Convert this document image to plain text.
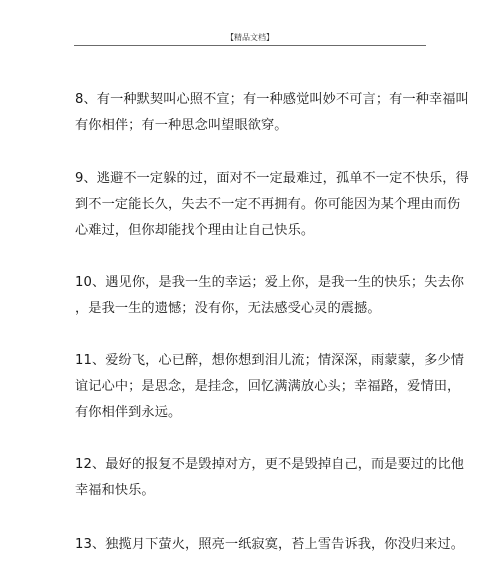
【精品文档】

8、有一种默契叫心照不宣；有一种感觉叫妙不可言；有一种幸福叫
有你相伴；有一种思念叫望眼欲穿。

9、逃避不一定躲的过，面对不一定最难过，孤单不一定不快乐，得
到不一定能长久，失去不一定不再拥有。你可能因为某个理由而伤
心难过，但你却能找个理由让自己快乐。

10、遇见你，是我一生的幸运；爱上你，是我一生的快乐；失去你
，是我一生的遗憾；没有你，无法感受心灵的震撼。

11、爱纷飞，心已醉，想你想到泪儿流；情深深，雨蒙蒙，多少情
谊记心中；是思念，是挂念，回忆满满放心头；幸福路，爱情田，
有你相伴到永远。

12、最好的报复不是毁掉对方，更不是毁掉自己，而是要过的比他
幸福和快乐。

13、独揽月下萤火，照亮一纸寂寞，苔上雪告诉我，你没归来过。
